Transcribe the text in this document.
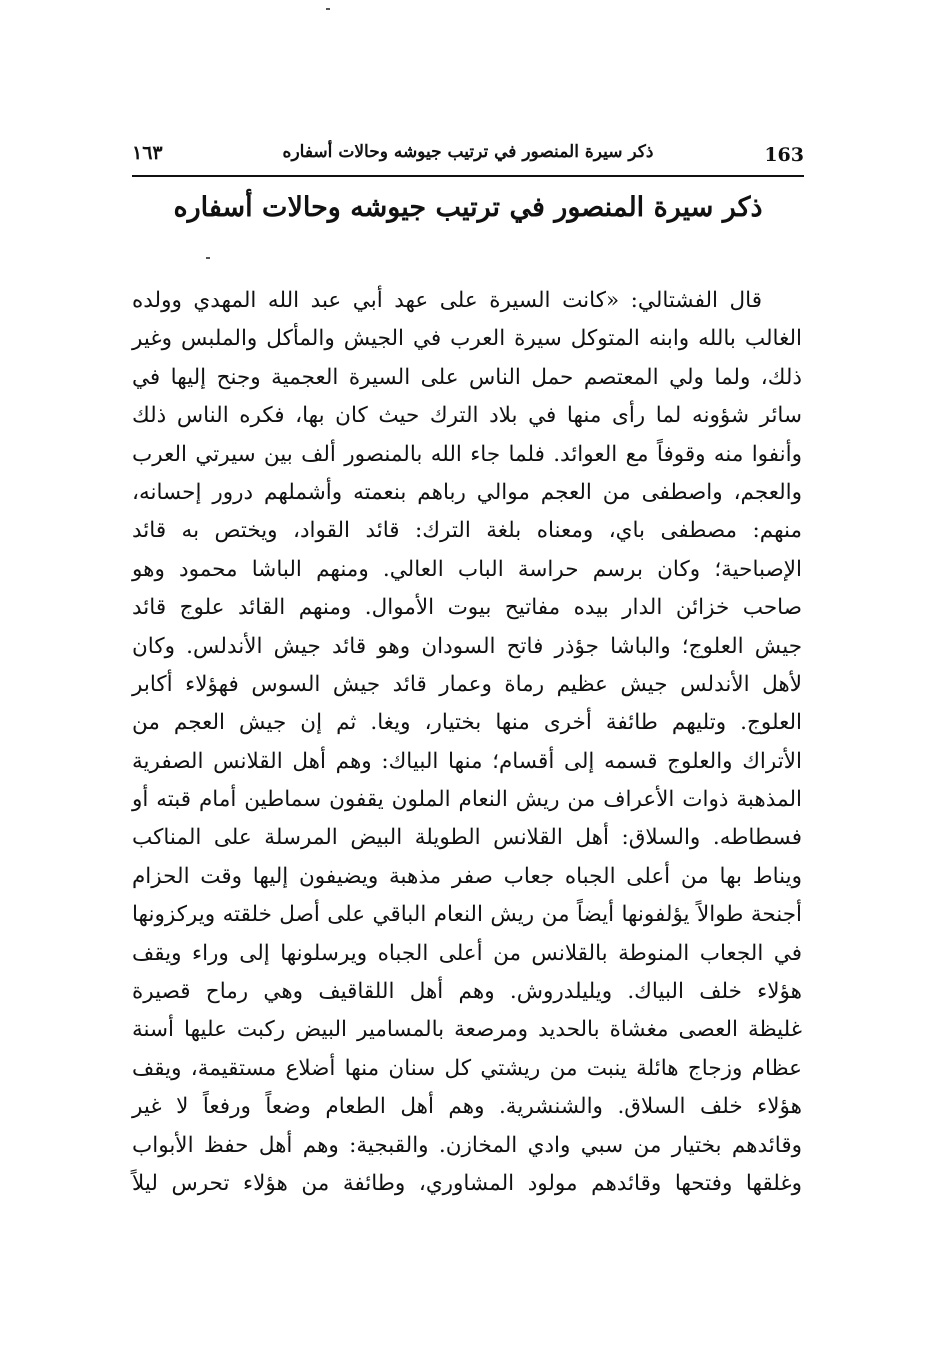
163
ذكر سيرة المنصور في ترتيب جيوشه وحالات أسفاره
١٦٣
ذكر سيرة المنصور في ترتيب جيوشه وحالات أسفاره
قال الفشتالي: «كانت السيرة على عهد أبي عبد الله المهدي وولده
الغالب بالله وابنه المتوكل سيرة العرب في الجيش والمأكل والملبس وغير
ذلك، ولما ولي المعتصم حمل الناس على السيرة العجمية وجنح إليها في
سائر شؤونه لما رأى منها في بلاد الترك حيث كان بها، فكره الناس ذلك
وأنفوا منه وقوفاً مع العوائد. فلما جاء الله بالمنصور ألف بين سيرتي العرب
والعجم، واصطفى من العجم موالي رباهم بنعمته وأشملهم درور إحسانه،
منهم: مصطفى باي، ومعناه بلغة الترك: قائد القواد، ويختص به قائد
الإصباحية؛ وكان برسم حراسة الباب العالي. ومنهم الباشا محمود وهو
صاحب خزائن الدار بيده مفاتيح بيوت الأموال. ومنهم القائد علوج قائد
جيش العلوج؛ والباشا جؤذر فاتح السودان وهو قائد جيش الأندلس. وكان
لأهل الأندلس جيش عظيم رماة وعمار قائد جيش السوس فهؤلاء أكابر
العلوج. وتليهم طائفة أخرى منها بختيار، ويغا. ثم إن جيش العجم من
الأتراك والعلوج قسمه إلى أقسام؛ منها البياك: وهم أهل القلانس الصفرية
المذهبة ذوات الأعراف من ريش النعام الملون يقفون سماطين أمام قبته أو
فسطاطه. والسلاق: أهل القلانس الطويلة البيض المرسلة على المناكب
ويناط بها من أعلى الجباه جعاب صفر مذهبة ويضيفون إليها وقت الحزام
أجنحة طوالاً يؤلفونها أيضاً من ريش النعام الباقي على أصل خلقته ويركزونها
في الجعاب المنوطة بالقلانس من أعلى الجباه ويرسلونها إلى وراء ويقف
هؤلاء خلف البياك. ويليلدروش. وهم أهل اللقاقيف وهي رماح قصيرة
غليظة العصى مغشاة بالحديد ومرصعة بالمسامير البيض ركبت عليها أسنة
عظام وزجاج هائلة ينبت من ريشتي كل سنان منها أضلاع مستقيمة، ويقف
هؤلاء خلف السلاق. والشنشرية. وهم أهل الطعام وضعاً ورفعاً لا غير
وقائدهم بختيار من سبي وادي المخازن. والقبجية: وهم أهل حفظ الأبواب
وغلقها وفتحها وقائدهم مولود المشاوري، وطائفة من هؤلاء تحرس ليلاً
